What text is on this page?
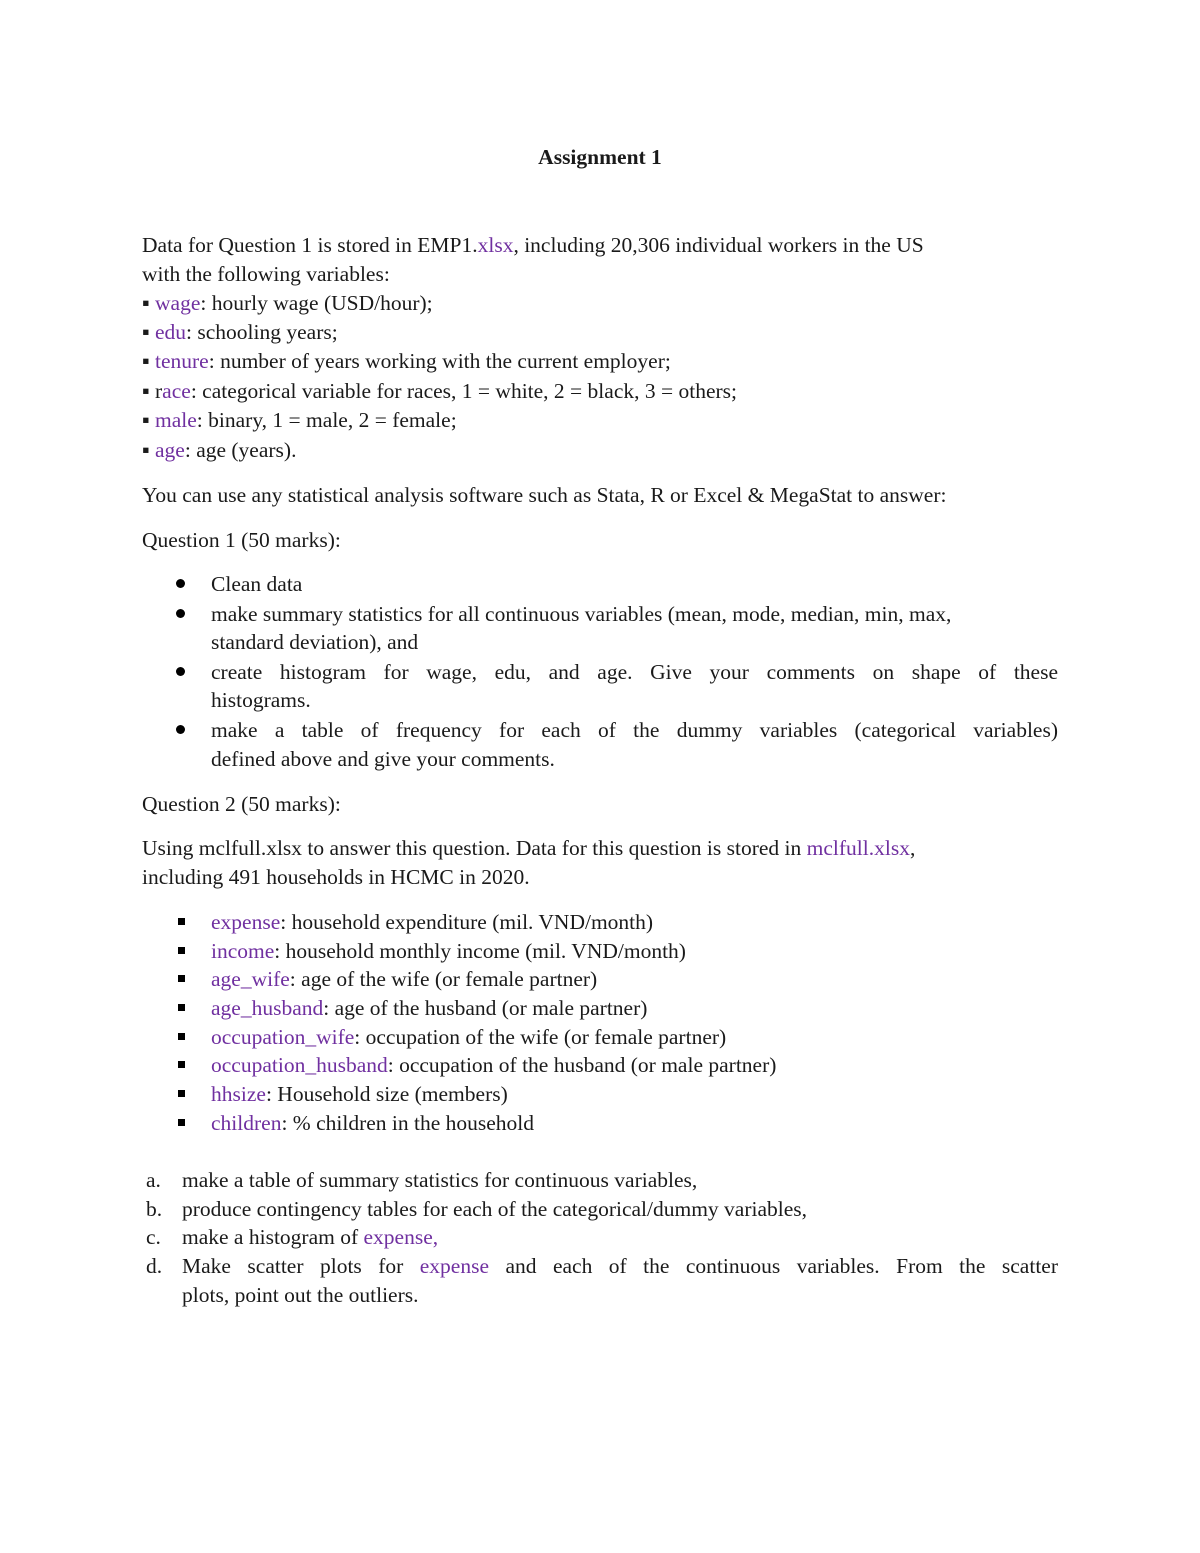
Assignment 1
Data for Question 1 is stored in EMP1.xlsx, including 20,306 individual workers in the US
with the following variables:
▪ wage: hourly wage (USD/hour);
▪ edu: schooling years;
▪ tenure: number of years working with the current employer;
▪ race: categorical variable for races, 1 = white, 2 = black, 3 = others;
▪ male: binary, 1 = male, 2 = female;
▪ age: age (years).
You can use any statistical analysis software such as Stata, R or Excel & MegaStat to answer:
Question 1 (50 marks):
Clean data
make summary statistics for all continuous variables (mean, mode, median, min, max,
standard deviation), and
create histogram for wage, edu, and age. Give your comments on shape of these
histograms.
make a table of frequency for each of the dummy variables (categorical variables)
defined above and give your comments.
Question 2 (50 marks):
Using mclfull.xlsx to answer this question. Data for this question is stored in mclfull.xlsx,
including 491 households in HCMC in 2020.
expense: household expenditure (mil. VND/month)
income: household monthly income (mil. VND/month)
age_wife: age of the wife (or female partner)
age_husband: age of the husband (or male partner)
occupation_wife: occupation of the wife (or female partner)
occupation_husband: occupation of the husband (or male partner)
hhsize: Household size (members)
children: % children in the household
a. make a table of summary statistics for continuous variables,
b. produce contingency tables for each of the categorical/dummy variables,
c. make a histogram of expense,
d. Make scatter plots for expense and each of the continuous variables. From the scatter
plots, point out the outliers.
